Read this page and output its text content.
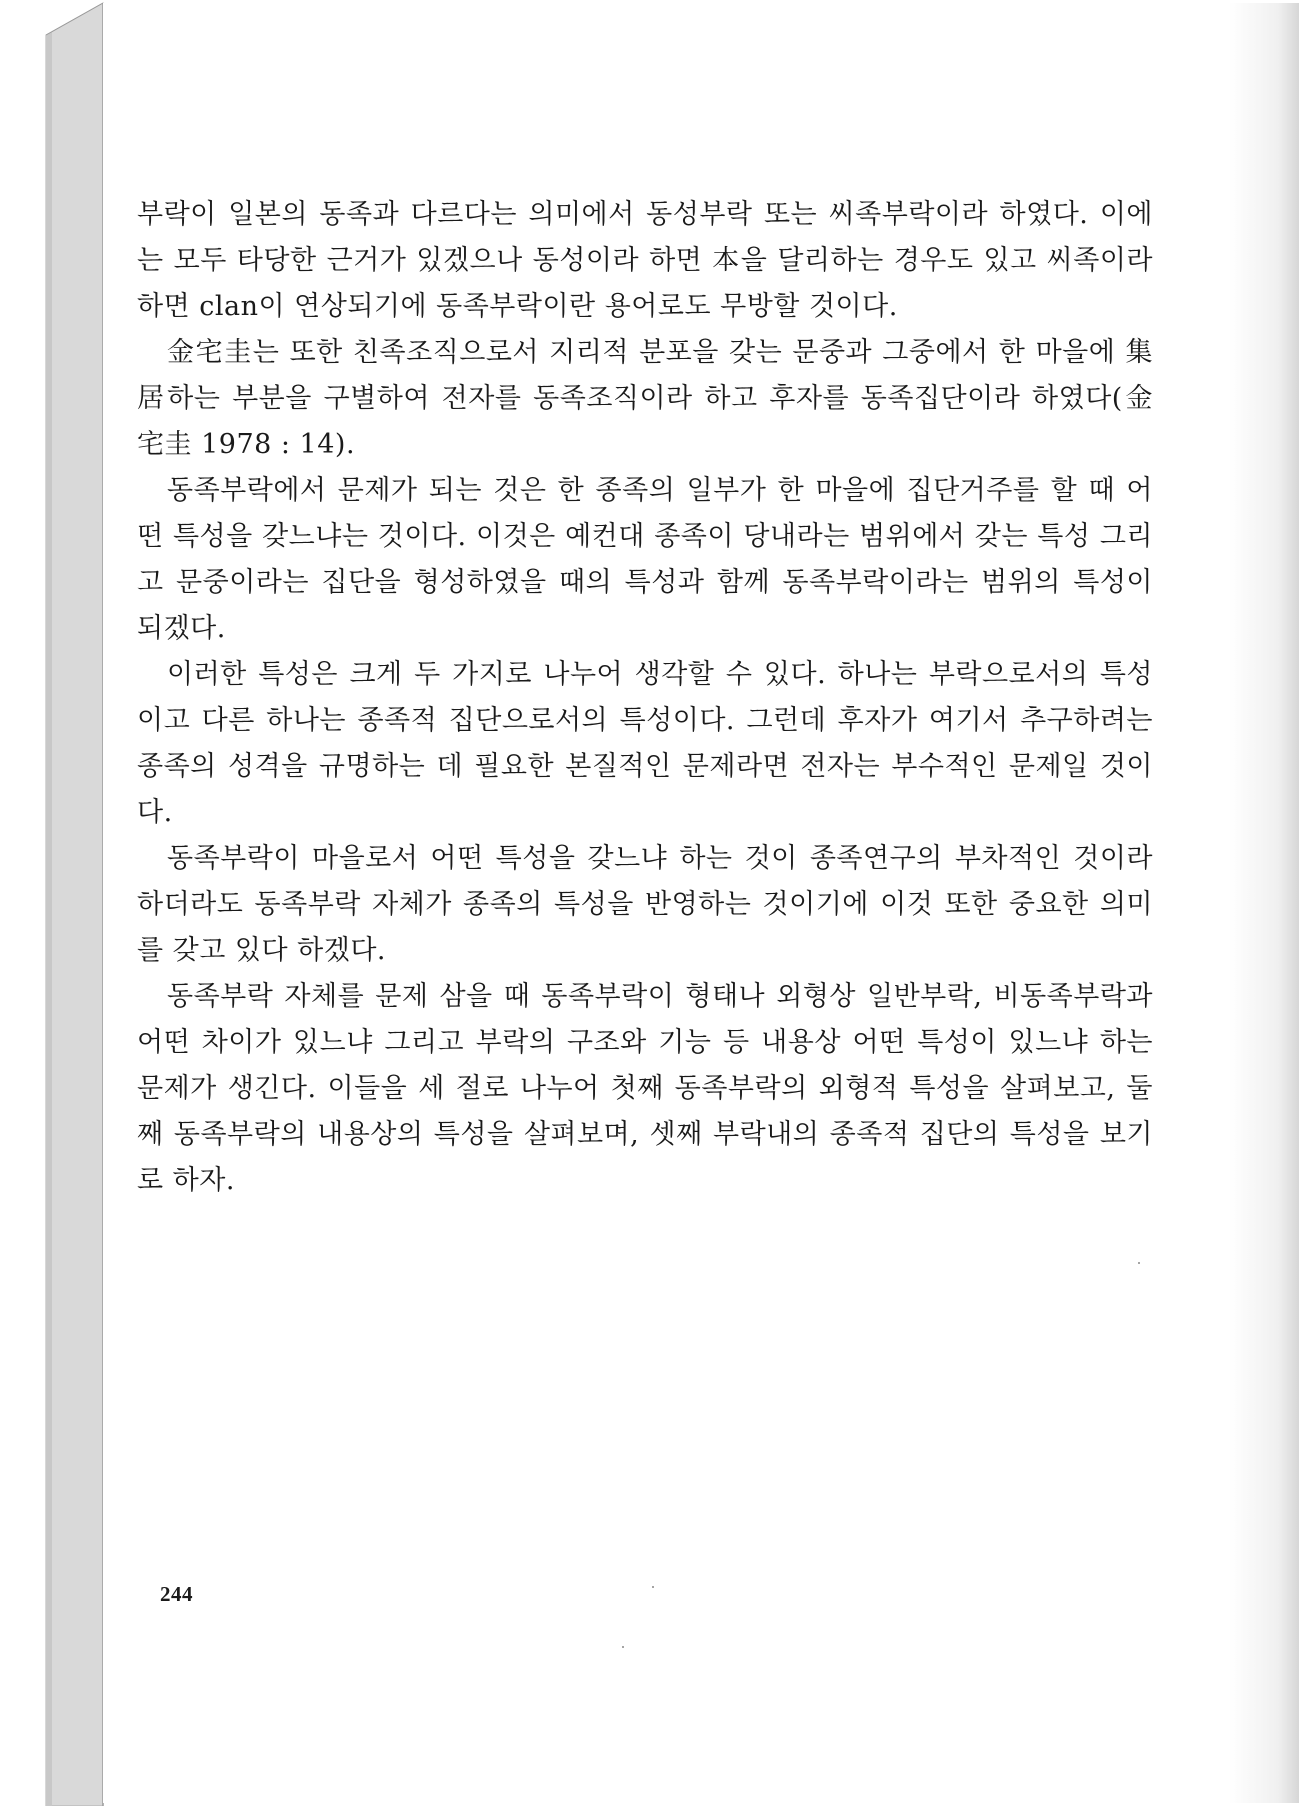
부락이 일본의 동족과 다르다는 의미에서 동성부락 또는 씨족부락이라 하였다. 이에는 모두 타당한 근거가 있겠으나 동성이라 하면 本을 달리하는 경우도 있고 씨족이라 하면 clan이 연상되기에 동족부락이란 용어로도 무방할 것이다.

金宅圭는 또한 친족조직으로서 지리적 분포을 갖는 문중과 그중에서 한 마을에 集居하는 부분을 구별하여 전자를 동족조직이라 하고 후자를 동족집단이라 하였다(金宅圭 1978 : 14).

동족부락에서 문제가 되는 것은 한 종족의 일부가 한 마을에 집단거주를 할 때 어떤 특성을 갖느냐는 것이다. 이것은 예컨대 종족이 당내라는 범위에서 갖는 특성 그리고 문중이라는 집단을 형성하였을 때의 특성과 함께 동족부락이라는 범위의 특성이 되겠다.

이러한 특성은 크게 두 가지로 나누어 생각할 수 있다. 하나는 부락으로서의 특성이고 다른 하나는 종족적 집단으로서의 특성이다. 그런데 후자가 여기서 추구하려는 종족의 성격을 규명하는 데 필요한 본질적인 문제라면 전자는 부수적인 문제일 것이다.

동족부락이 마을로서 어떤 특성을 갖느냐 하는 것이 종족연구의 부차적인 것이라 하더라도 동족부락 자체가 종족의 특성을 반영하는 것이기에 이것 또한 중요한 의미를 갖고 있다 하겠다.

동족부락 자체를 문제 삼을 때 동족부락이 형태나 외형상 일반부락, 비동족부락과 어떤 차이가 있느냐 그리고 부락의 구조와 기능 등 내용상 어떤 특성이 있느냐 하는 문제가 생긴다. 이들을 세 절로 나누어 첫째 동족부락의 외형적 특성을 살펴보고, 둘째 동족부락의 내용상의 특성을 살펴보며, 셋째 부락내의 종족적 집단의 특성을 보기로 하자.

244
